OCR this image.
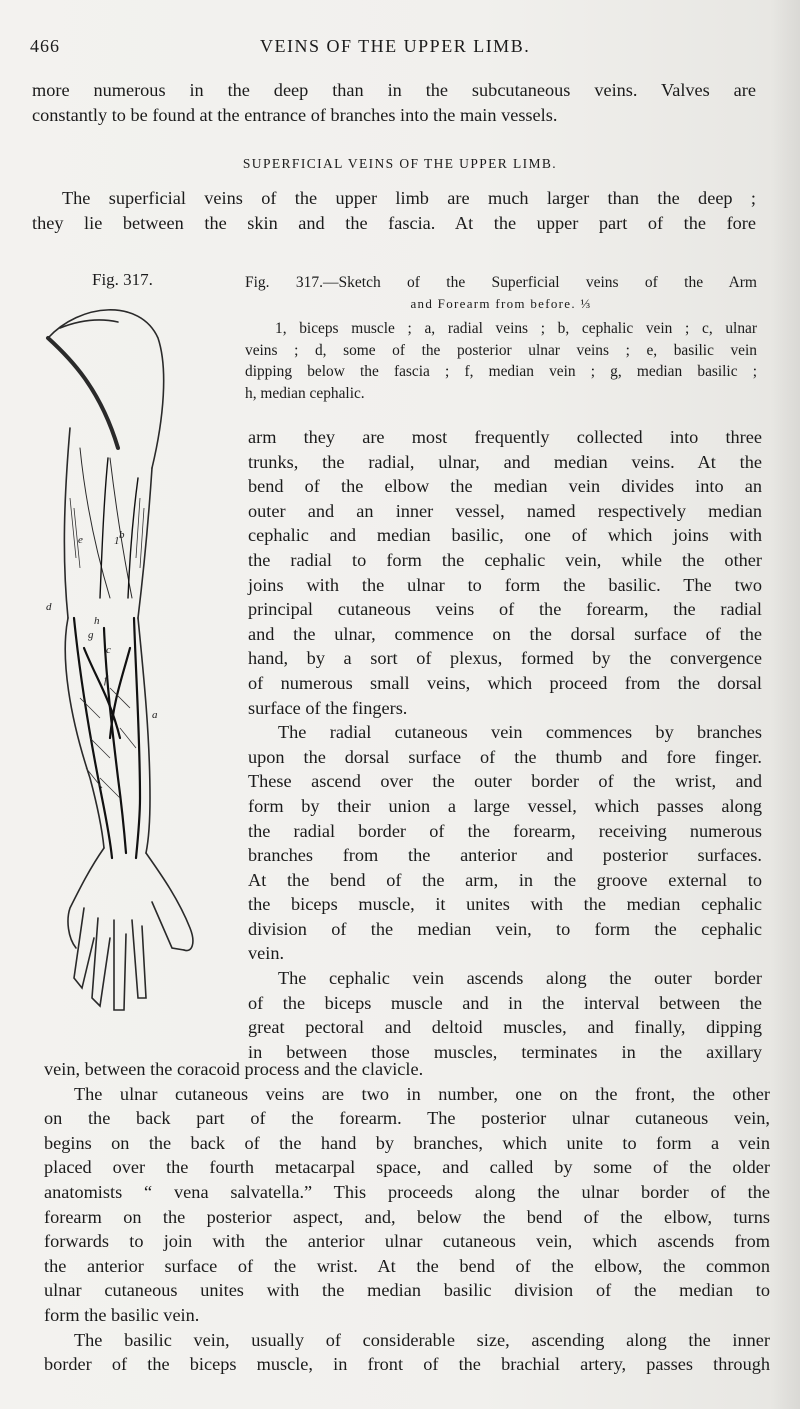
466	VEINS OF THE UPPER LIMB.

more numerous in the deep than in the subcutaneous veins. Valves are

constantly to be found at the entrance of branches into the main vessels.

SUPERFICIAL VEINS OF THE UPPER LIMB.

The superficial veins of the upper limb are much larger than the deep ;

they lie between the skin and the fascia. At the upper part of the fore

Fig. 317.	Fig. 317.—Sketch of the Superficial veins of the Arm

and Forearm from before. ⅓

1, biceps muscle ; a, radial veins ; b, cephalic vein ; c, ulnar

veins ; d, some of the posterior ulnar veins ; e, basilic vein

dipping below the fascia ; f, median vein ; g, median basilic ;

h, median cephalic.

1
a
b
c
d
e
f
g
h

arm they are most frequently collected into three

trunks, the radial, ulnar, and median veins. At the

bend of the elbow the median vein divides into an

outer and an inner vessel, named respectively median

cephalic and median basilic, one of which joins with

the radial to form the cephalic vein, while the other

joins with the ulnar to form the basilic. The two

principal cutaneous veins of the forearm, the radial

and the ulnar, commence on the dorsal surface of the

hand, by a sort of plexus, formed by the convergence

of numerous small veins, which proceed from the dorsal

surface of the fingers.

The radial cutaneous vein commences by branches

upon the dorsal surface of the thumb and fore finger.

These ascend over the outer border of the wrist, and

form by their union a large vessel, which passes along

the radial border of the forearm, receiving numerous

branches from the anterior and posterior surfaces.

At the bend of the arm, in the groove external to

the biceps muscle, it unites with the median cephalic

division of the median vein, to form the cephalic

vein.

The cephalic vein ascends along the outer border

of the biceps muscle and in the interval between the

great pectoral and deltoid muscles, and finally, dipping

in between those muscles, terminates in the axillary

vein, between the coracoid process and the clavicle.

The ulnar cutaneous veins are two in number, one on the front, the other

on the back part of the forearm. The posterior ulnar cutaneous vein,

begins on the back of the hand by branches, which unite to form a vein

placed over the fourth metacarpal space, and called by some of the older

anatomists “ vena salvatella.” This proceeds along the ulnar border of the

forearm on the posterior aspect, and, below the bend of the elbow, turns

forwards to join with the anterior ulnar cutaneous vein, which ascends from

the anterior surface of the wrist. At the bend of the elbow, the common

ulnar cutaneous unites with the median basilic division of the median to

form the basilic vein.

The basilic vein, usually of considerable size, ascending along the inner

border of the biceps muscle, in front of the brachial artery, passes through
